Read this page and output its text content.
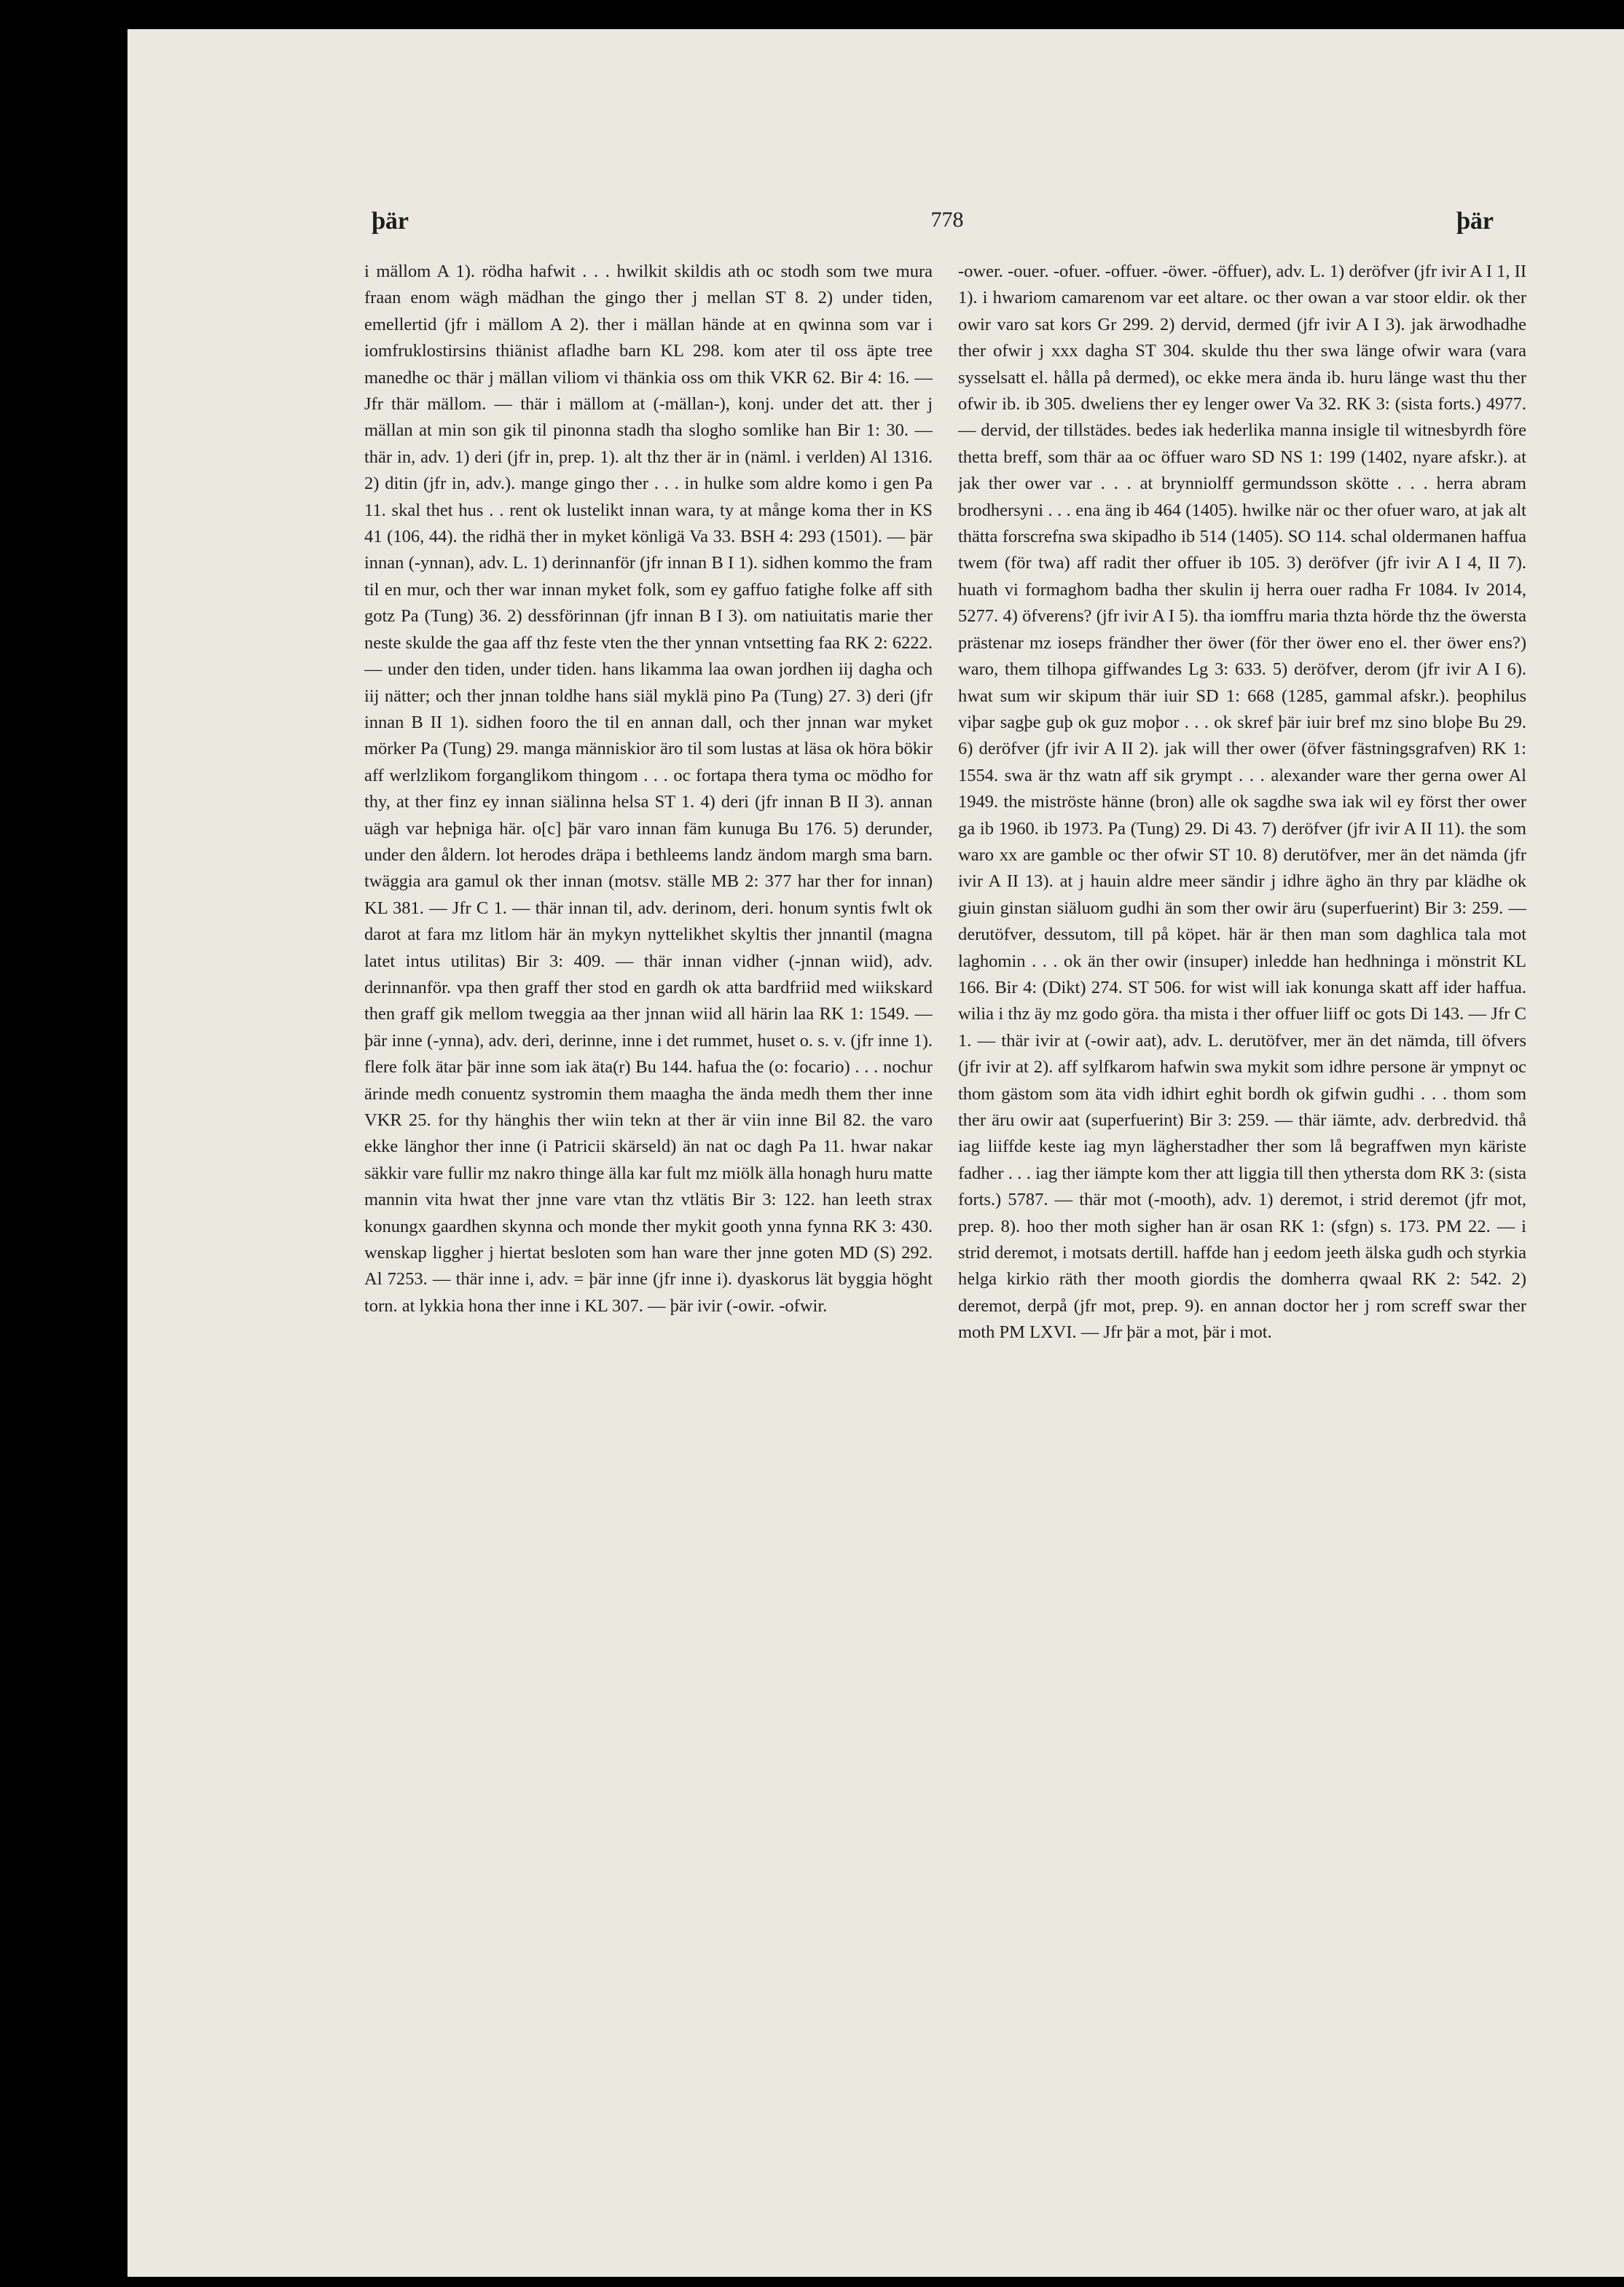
þär	778	þär

i mällom A 1). rödha hafwit . . . hwilkit skildis ath oc stodh som twe mura fraan enom wägh mädhan the gingo ther j mellan ST 8. 2) under tiden, emellertid (jfr i mällom A 2). ther i mällan hände at en qwinna som var i iomfruklostirsins thiänist afladhe barn KL 298. kom ater til oss äpte tree manedhe oc thär j mällan viliom vi thänkia oss om thik VKR 62. Bir 4: 16. — Jfr thär mällom. — thär i mällom at (-mällan-), konj. under det att. ther j mällan at min son gik til pinonna stadh tha slogho somlike han Bir 1: 30. — thär in, adv. 1) deri (jfr in, prep. 1). alt thz ther är in (näml. i verlden) Al 1316. 2) ditin (jfr in, adv.). mange gingo ther . . . in hulke som aldre komo i gen Pa 11. skal thet hus . . rent ok lustelikt innan wara, ty at månge koma ther in KS 41 (106, 44). the ridhä ther in myket könligä Va 33. BSH 4: 293 (1501). — þär innan (-ynnan), adv. L. 1) derinnanför (jfr innan B I 1). sidhen kommo the fram til en mur, och ther war innan myket folk, som ey gaffuo fatighe folke aff sith gotz Pa (Tung) 36. 2) dessförinnan (jfr innan B I 3). om natiuitatis marie ther neste skulde the gaa aff thz feste vten the ther ynnan vntsetting faa RK 2: 6222. — under den tiden, under tiden. hans likamma laa owan jordhen iij dagha och iij nätter; och ther jnnan toldhe hans siäl myklä pino Pa (Tung) 27. 3) deri (jfr innan B II 1). sidhen fooro the til en annan dall, och ther jnnan war myket mörker Pa (Tung) 29. manga människior äro til som lustas at läsa ok höra bökir aff werlzlikom forganglikom thingom . . . oc fortapa thera tyma oc mödho for thy, at ther finz ey innan siälinna helsa ST 1. 4) deri (jfr innan B II 3). annan uägh var heþniga här. o[c] þär varo innan fäm kunuga Bu 176. 5) derunder, under den åldern. lot herodes dräpa i bethleems landz ändom margh sma barn. twäggia ara gamul ok ther innan (motsv. ställe MB 2: 377 har ther for innan) KL 381. — Jfr C 1. — thär innan til, adv. derinom, deri. honum syntis fwlt ok darot at fara mz litlom här än mykyn nyttelikhet skyltis ther jnnantil (magna latet intus utilitas) Bir 3: 409. — thär innan vidher (-jnnan wiid), adv. derinnanför. vpa then graff ther stod en gardh ok atta bardfriid med wiikskard then graff gik mellom tweggia aa ther jnnan wiid all härin laa RK 1: 1549. — þär inne (-ynna), adv. deri, derinne, inne i det rummet, huset o. s. v. (jfr inne 1). flere folk ätar þär inne som iak äta(r) Bu 144. hafua the (o: focario) . . . nochur ärinde medh conuentz systromin them maagha the ända medh them ther inne VKR 25. for thy hänghis ther wiin tekn at ther är viin inne Bil 82. the varo ekke länghor ther inne (i Patricii skärseld) än nat oc dagh Pa 11. hwar nakar säkkir vare fullir mz nakro thinge älla kar fult mz miölk älla honagh huru matte mannin vita hwat ther jnne vare vtan thz vtlätis Bir 3: 122. han leeth strax konungx gaardhen skynna och monde ther mykit gooth ynna fynna RK 3: 430. wenskap liggher j hiertat besloten som han ware ther jnne goten MD (S) 292. Al 7253. — thär inne i, adv. = þär inne (jfr inne i). dyaskorus lät byggia höght torn. at lykkia hona ther inne i KL 307. — þär ivir (-owir. -ofwir.

-ower. -ouer. -ofuer. -offuer. -öwer. -öffuer), adv. L. 1) deröfver (jfr ivir A I 1, II 1). i hwariom camarenom var eet altare. oc ther owan a var stoor eldir. ok ther owir varo sat kors Gr 299. 2) dervid, dermed (jfr ivir A I 3). jak ärwodhadhe ther ofwir j xxx dagha ST 304. skulde thu ther swa länge ofwir wara (vara sysselsatt el. hålla på dermed), oc ekke mera ända ib. huru länge wast thu ther ofwir ib. ib 305. dweliens ther ey lenger ower Va 32. RK 3: (sista forts.) 4977. — dervid, der tillstädes. bedes iak hederlika manna insigle til witnesbyrdh före thetta breff, som thär aa oc öffuer waro SD NS 1: 199 (1402, nyare afskr.). at jak ther ower var . . . at brynniolff germundsson skötte . . . herra abram brodhersyni . . . ena äng ib 464 (1405). hwilke när oc ther ofuer waro, at jak alt thätta forscrefna swa skipadho ib 514 (1405). SO 114. schal oldermanen haffua twem (för twa) aff radit ther offuer ib 105. 3) deröfver (jfr ivir A I 4, II 7). huath vi formaghom badha ther skulin ij herra ouer radha Fr 1084. Iv 2014, 5277. 4) öfverens? (jfr ivir A I 5). tha iomffru maria thzta hörde thz the öwersta prästenar mz ioseps frändher ther öwer (för ther öwer eno el. ther öwer ens?) waro, them tilhopa giffwandes Lg 3: 633. 5) deröfver, derom (jfr ivir A I 6). hwat sum wir skipum thär iuir SD 1: 668 (1285, gammal afskr.). þeophilus viþar sagþe guþ ok guz moþor . . . ok skref þär iuir bref mz sino bloþe Bu 29. 6) deröfver (jfr ivir A II 2). jak will ther ower (öfver fästningsgrafven) RK 1: 1554. swa är thz watn aff sik grympt . . . alexander ware ther gerna ower Al 1949. the miströste hänne (bron) alle ok sagdhe swa iak wil ey först ther ower ga ib 1960. ib 1973. Pa (Tung) 29. Di 43. 7) deröfver (jfr ivir A II 11). the som waro xx are gamble oc ther ofwir ST 10. 8) derutöfver, mer än det nämda (jfr ivir A II 13). at j hauin aldre meer sändir j idhre ägho än thry par klädhe ok giuin ginstan siäluom gudhi än som ther owir äru (superfuerint) Bir 3: 259. — derutöfver, dessutom, till på köpet. här är then man som daghlica tala mot laghomin . . . ok än ther owir (insuper) inledde han hedhninga i mönstrit KL 166. Bir 4: (Dikt) 274. ST 506. for wist will iak konunga skatt aff ider haffua. wilia i thz äy mz godo göra. tha mista i ther offuer liiff oc gots Di 143. — Jfr C 1. — thär ivir at (-owir aat), adv. L. derutöfver, mer än det nämda, till öfvers (jfr ivir at 2). aff sylfkarom hafwin swa mykit som idhre persone är ympnyt oc thom gästom som äta vidh idhirt eghit bordh ok gifwin gudhi . . . thom som ther äru owir aat (superfuerint) Bir 3: 259. — thär iämte, adv. derbredvid. thå iag liiffde keste iag myn lägherstadher ther som lå begraffwen myn käriste fadher . . . iag ther iämpte kom ther att liggia till then ythersta dom RK 3: (sista forts.) 5787. — thär mot (-mooth), adv. 1) deremot, i strid deremot (jfr mot, prep. 8). hoo ther moth sigher han är osan RK 1: (sfgn) s. 173. PM 22. — i strid deremot, i motsats dertill. haffde han j eedom jeeth älska gudh och styrkia helga kirkio räth ther mooth giordis the domherra qwaal RK 2: 542. 2) deremot, derpå (jfr mot, prep. 9). en annan doctor her j rom screff swar ther moth PM LXVI. — Jfr þär a mot, þär i mot.
